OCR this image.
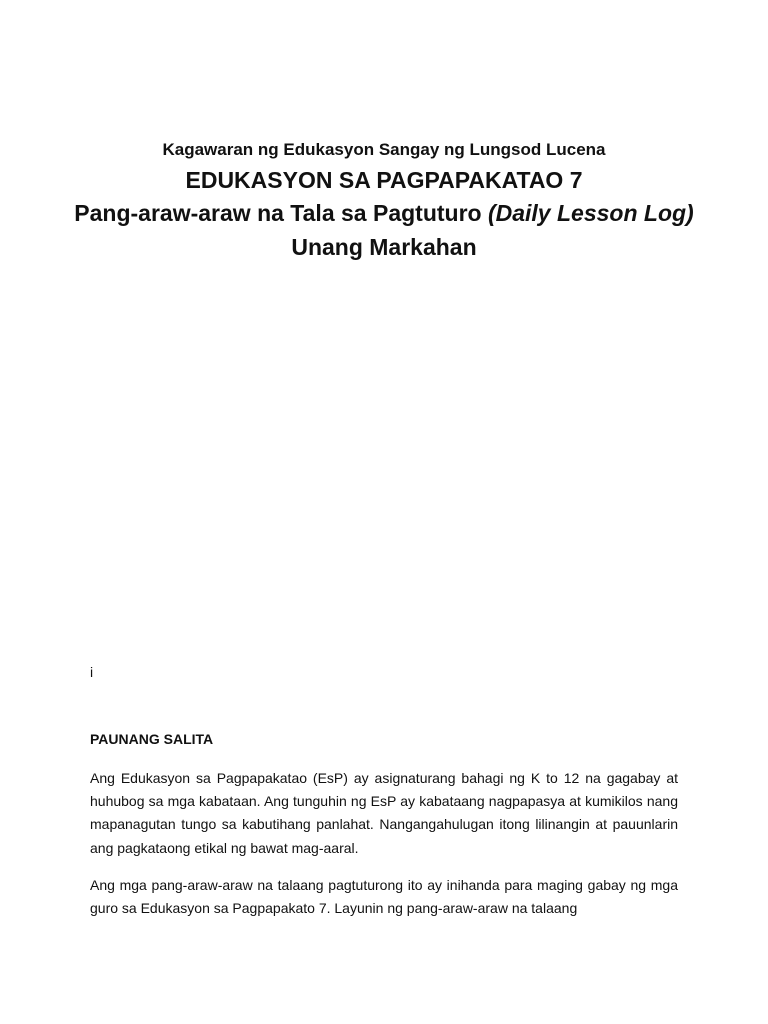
Kagawaran ng Edukasyon Sangay ng Lungsod Lucena

EDUKASYON SA PAGPAPAKATAO 7

Pang-araw-araw na Tala sa Pagtuturo (Daily Lesson Log) Unang Markahan

i
PAUNANG SALITA

Ang Edukasyon sa Pagpapakatao (EsP) ay asignaturang bahagi ng K to 12 na gagabay at huhubog sa mga kabataan. Ang tunguhin ng EsP ay kabataang nagpapasya at kumikilos nang mapanagutan tungo sa kabutihang panlahat. Nangangahulugan itong lilinangin at pauunlarin ang pagkataong etikal ng bawat mag-aaral.

Ang mga pang-araw-araw na talaang pagtuturong ito ay inihanda para maging gabay ng mga guro sa Edukasyon sa Pagpapakato 7. Layunin ng pang-araw-araw na talaang
